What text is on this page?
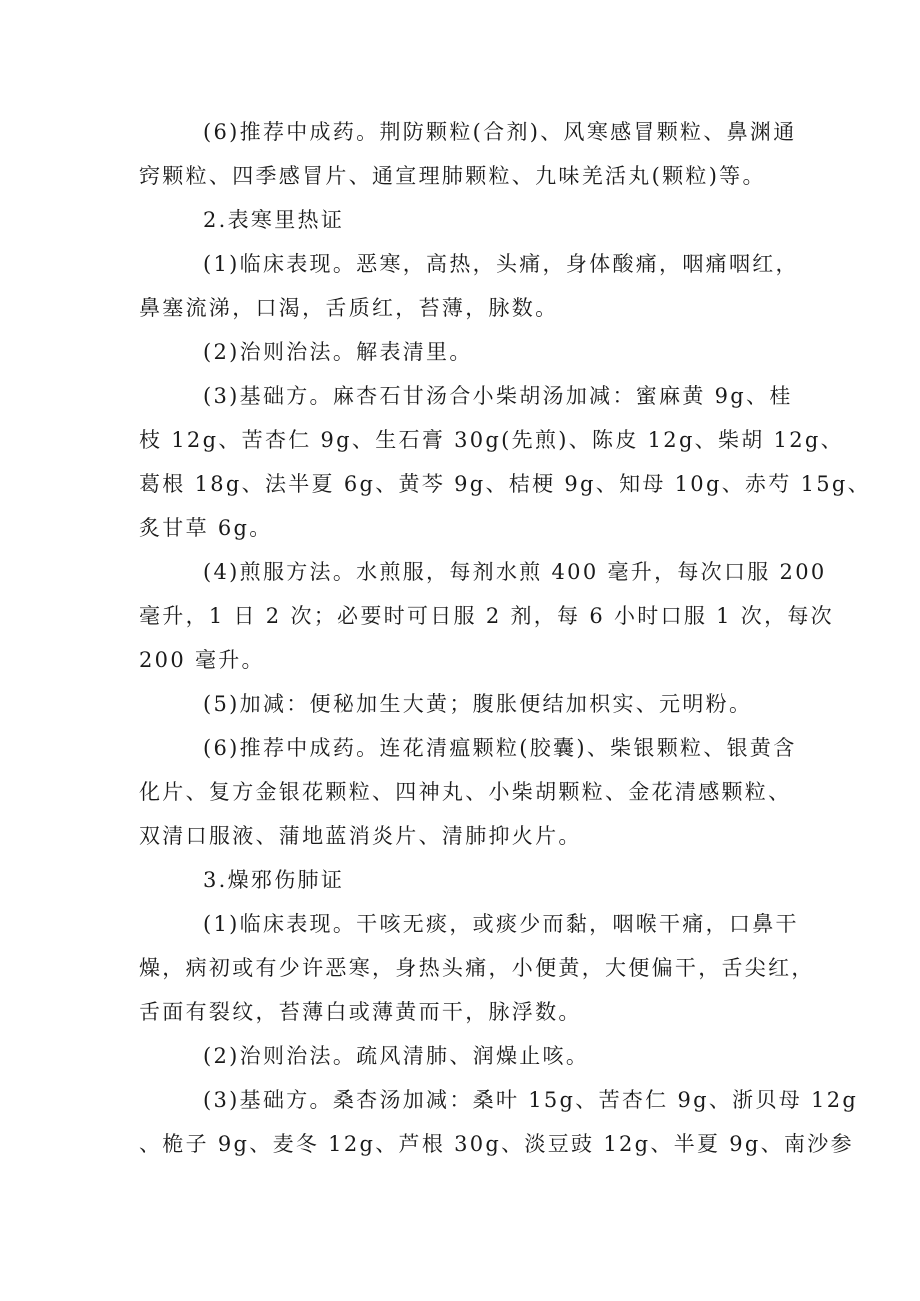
(6)推荐中成药。荆防颗粒(合剂)、风寒感冒颗粒、鼻渊通
窍颗粒、四季感冒片、通宣理肺颗粒、九味羌活丸(颗粒)等。
2.表寒里热证
(1)临床表现。恶寒，高热，头痛，身体酸痛，咽痛咽红，
鼻塞流涕，口渴，舌质红，苔薄，脉数。
(2)治则治法。解表清里。
(3)基础方。麻杏石甘汤合小柴胡汤加减：蜜麻黄 9g、桂
枝 12g、苦杏仁 9g、生石膏 30g(先煎)、陈皮 12g、柴胡 12g、
葛根 18g、法半夏 6g、黄芩 9g、桔梗 9g、知母 10g、赤芍 15g、
炙甘草 6g。
(4)煎服方法。水煎服，每剂水煎 400 毫升，每次口服 200
毫升，1 日 2 次；必要时可日服 2 剂，每 6 小时口服 1 次，每次
200 毫升。
(5)加减：便秘加生大黄；腹胀便结加枳实、元明粉。
(6)推荐中成药。连花清瘟颗粒(胶囊)、柴银颗粒、银黄含
化片、复方金银花颗粒、四神丸、小柴胡颗粒、金花清感颗粒、
双清口服液、蒲地蓝消炎片、清肺抑火片。
3.燥邪伤肺证
(1)临床表现。干咳无痰，或痰少而黏，咽喉干痛，口鼻干
燥，病初或有少许恶寒，身热头痛，小便黄，大便偏干，舌尖红，
舌面有裂纹，苔薄白或薄黄而干，脉浮数。
(2)治则治法。疏风清肺、润燥止咳。
(3)基础方。桑杏汤加减：桑叶 15g、苦杏仁 9g、浙贝母 12g
、桅子 9g、麦冬 12g、芦根 30g、淡豆豉 12g、半夏 9g、南沙参
